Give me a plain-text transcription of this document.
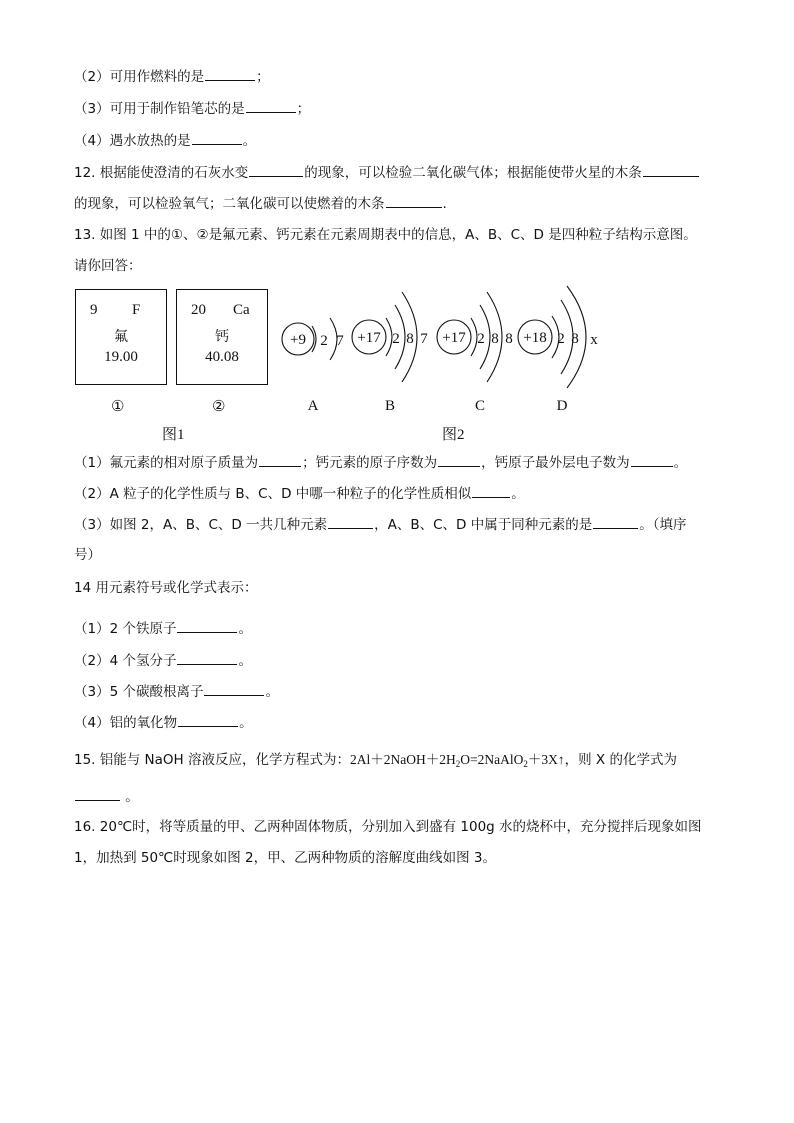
（2）可用作燃料的是	；
（3）可用于制作铅笔芯的是	；
（4）遇水放热的是	。
12. 根据能使澄清的石灰水变	的现象，可以检验二氧化碳气体；根据能使带火星的木条
的现象，可以检验氧气；二氧化碳可以使燃着的木条	.
13. 如图 1 中的①、②是氟元素、钙元素在元素周期表中的信息，A、B、C、D 是四种粒子结构示意图。
请你回答：
9 F
氟
19.00
20 Ca
钙
40.08
①	②
图1	图2
+9 2 7 +17 2 8 7 +17 2 8 8 +18 2 8 x
A	B	C	D
（1）氟元素的相对原子质量为	；钙元素的原子序数为	，钙原子最外层电子数为	。
（2）A 粒子的化学性质与 B、C、D 中哪一种粒子的化学性质相似	。
（3）如图 2，A、B、C、D 一共几种元素	，A、B、C、D 中属于同种元素的是	。（填序
号）
14 用元素符号或化学式表示：
（1）2 个铁原子	。
（2）4 个氢分子	。
（3）5 个碳酸根离子	。
（4）铝的氧化物	。
15. 铝能与 NaOH 溶液反应，化学方程式为：$2Al+2NaOH+2H_2O=2NaAlO_2+3X↑$，则 X 的化学式为
。
16. 20℃时，将等质量的甲、乙两种固体物质，分别加入到盛有 100g 水的烧杯中，充分搅拌后现象如图
1，加热到 50℃时现象如图 2，甲、乙两种物质的溶解度曲线如图 3。
